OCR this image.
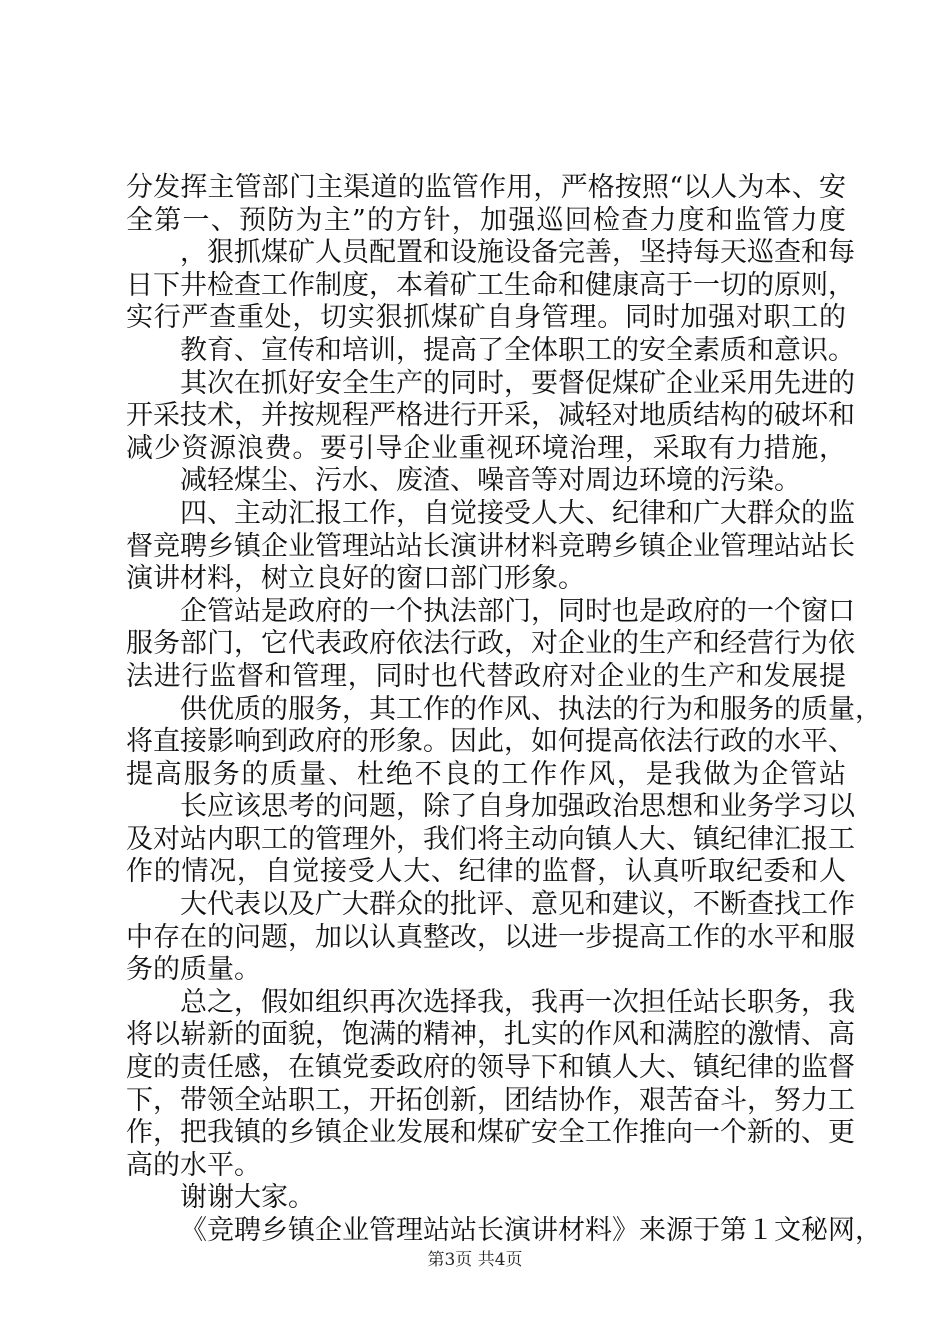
分发挥主管部门主渠道的监管作用，严格按照“以人为本、安
全第一、预防为主”的方针，加强巡回检查力度和监管力度
，狠抓煤矿人员配置和设施设备完善，坚持每天巡查和每
日下井检查工作制度，本着矿工生命和健康高于一切的原则，
实行严查重处，切实狠抓煤矿自身管理。同时加强对职工的
教育、宣传和培训，提高了全体职工的安全素质和意识。
其次在抓好安全生产的同时，要督促煤矿企业采用先进的
开采技术，并按规程严格进行开采，减轻对地质结构的破坏和
减少资源浪费。要引导企业重视环境治理，采取有力措施，
减轻煤尘、污水、废渣、噪音等对周边环境的污染。
四、主动汇报工作，自觉接受人大、纪律和广大群众的监
督竞聘乡镇企业管理站站长演讲材料竞聘乡镇企业管理站站长
演讲材料，树立良好的窗口部门形象。
企管站是政府的一个执法部门，同时也是政府的一个窗口
服务部门，它代表政府依法行政，对企业的生产和经营行为依
法进行监督和管理，同时也代替政府对企业的生产和发展提
供优质的服务，其工作的作风、执法的行为和服务的质量，
将直接影响到政府的形象。因此，如何提高依法行政的水平、
提高服务的质量、杜绝不良的工作作风，是我做为企管站
长应该思考的问题，除了自身加强政治思想和业务学习以
及对站内职工的管理外，我们将主动向镇人大、镇纪律汇报工
作的情况，自觉接受人大、纪律的监督，认真听取纪委和人
大代表以及广大群众的批评、意见和建议，不断查找工作
中存在的问题，加以认真整改，以进一步提高工作的水平和服
务的质量。
总之，假如组织再次选择我，我再一次担任站长职务，我
将以崭新的面貌，饱满的精神，扎实的作风和满腔的激情、高
度的责任感，在镇党委政府的领导下和镇人大、镇纪律的监督
下，带领全站职工，开拓创新，团结协作，艰苦奋斗，努力工
作，把我镇的乡镇企业发展和煤矿安全工作推向一个新的、更
高的水平。
谢谢大家。
《竞聘乡镇企业管理站站长演讲材料》来源于第１文秘网，
第3页 共4页
